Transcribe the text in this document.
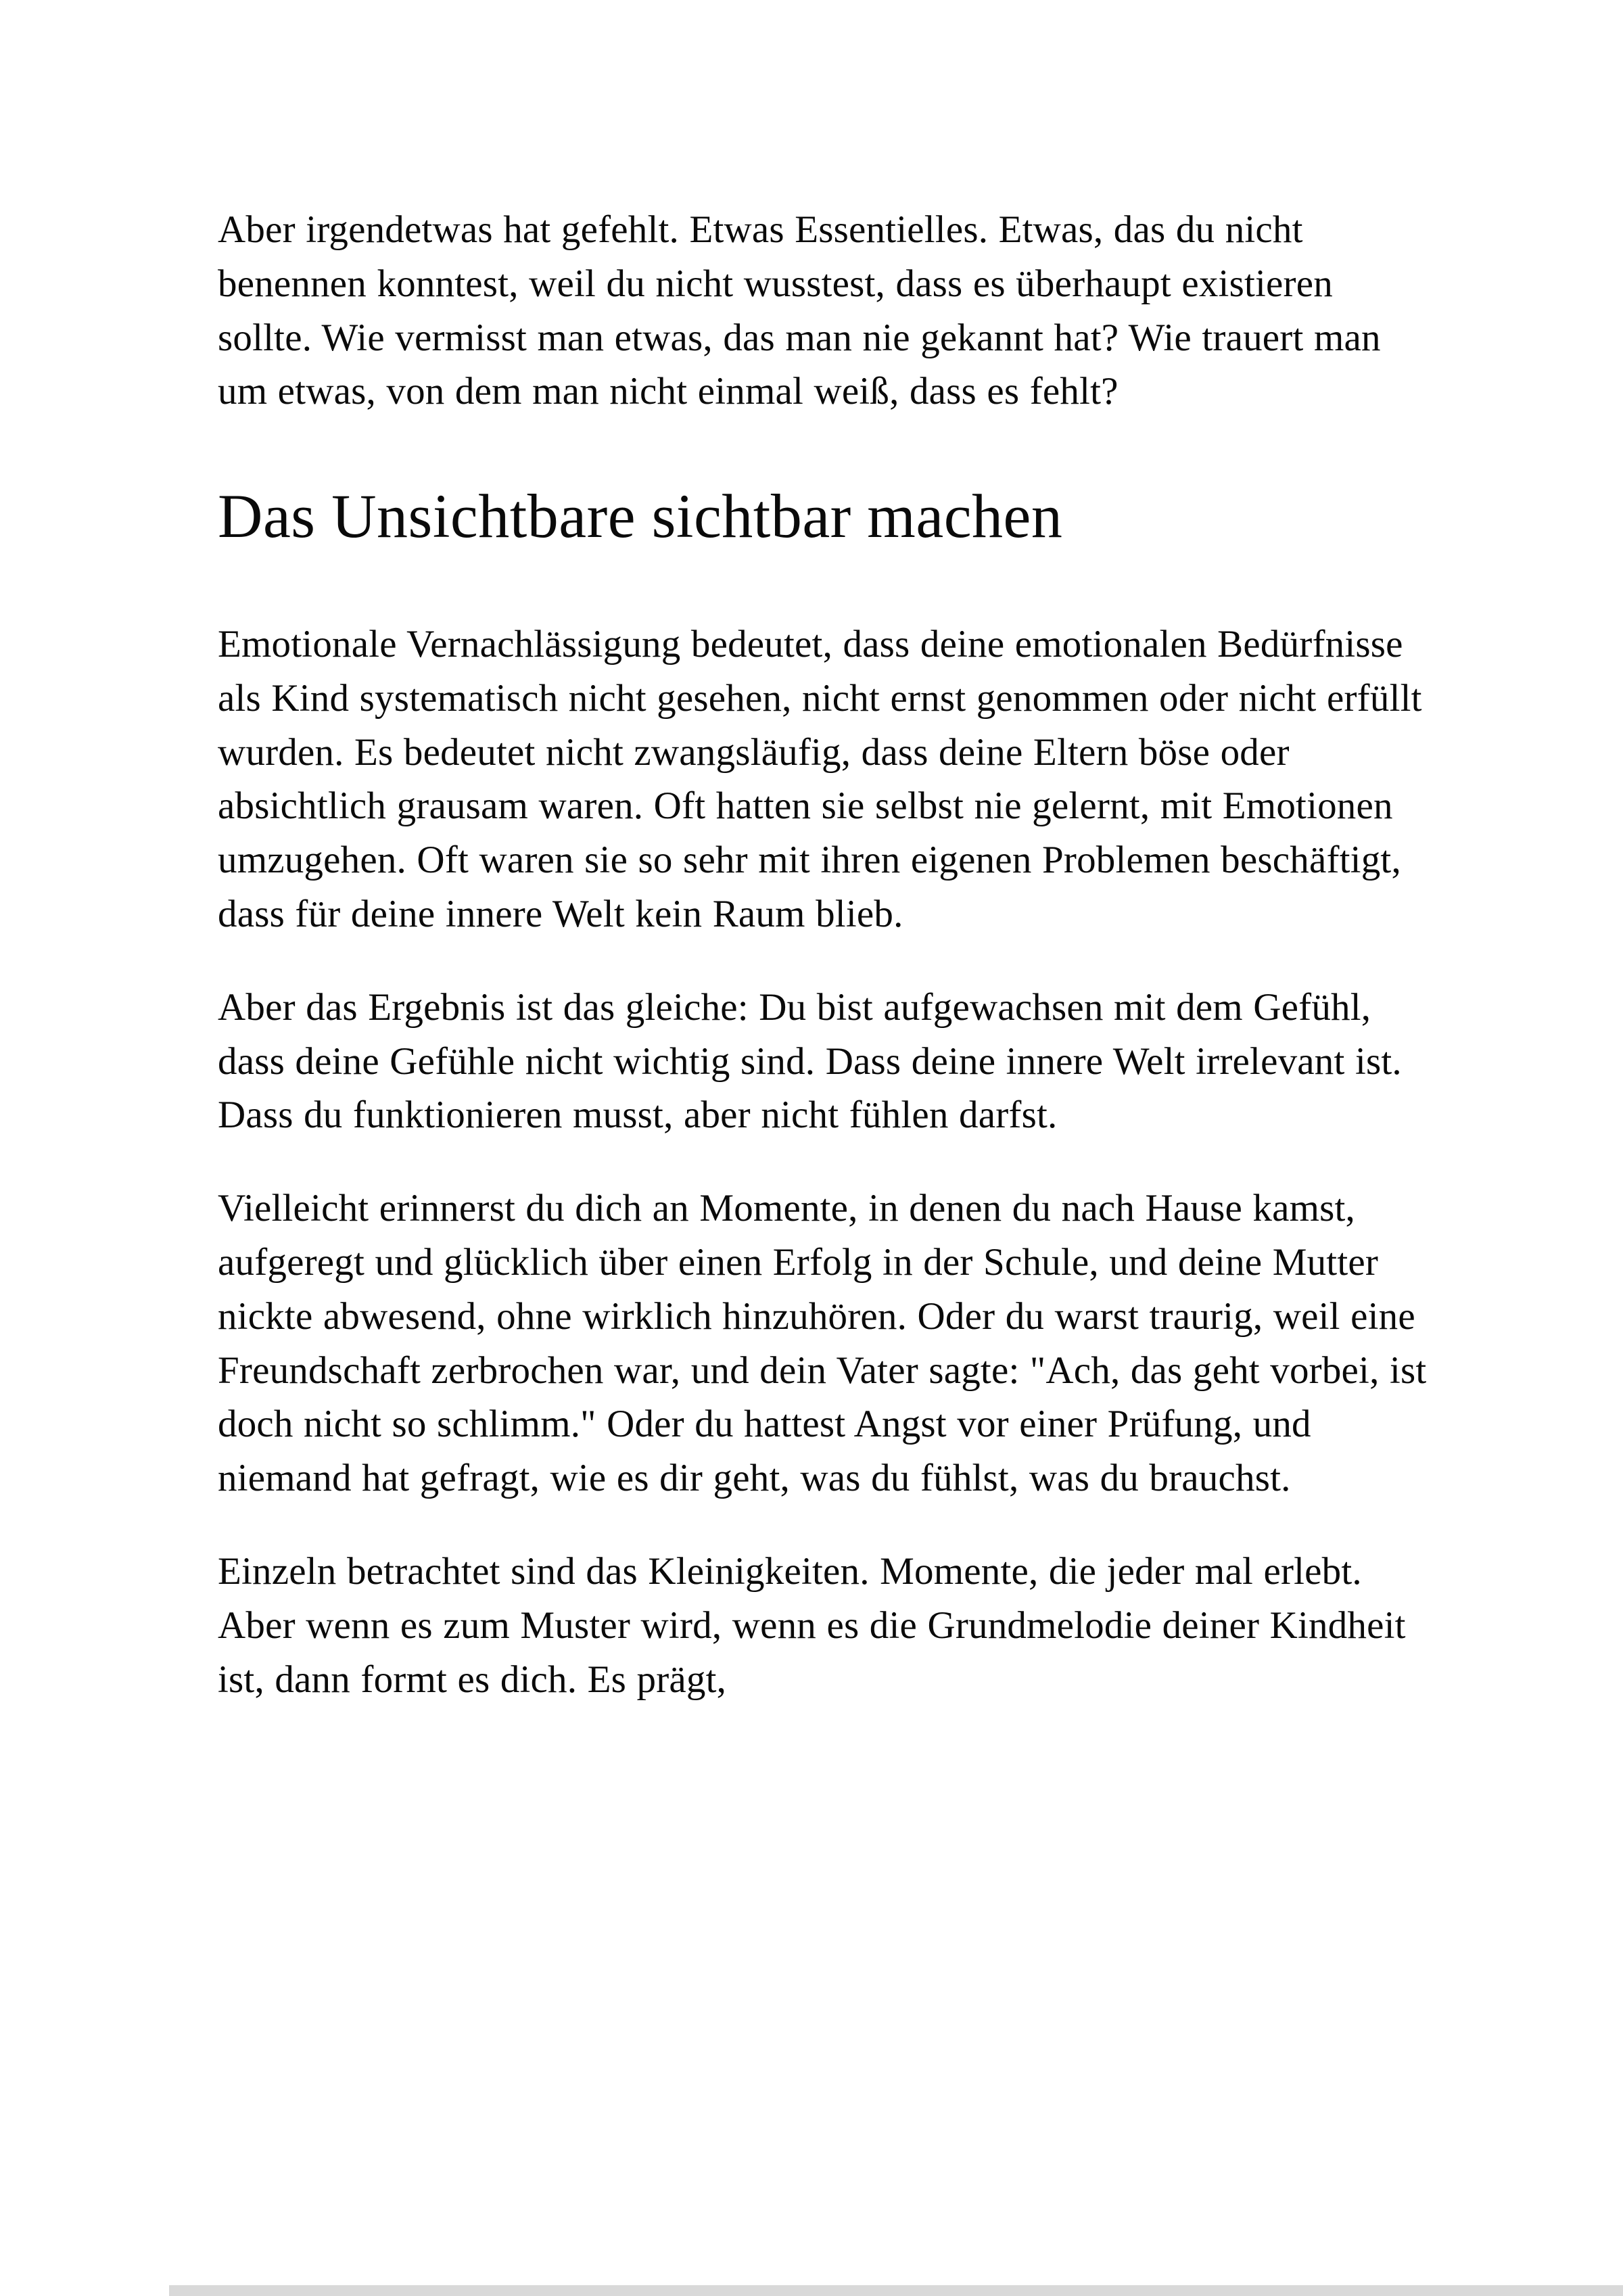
Aber irgendetwas hat gefehlt. Etwas Essentielles. Etwas, das du nicht benennen konntest, weil du nicht wusstest, dass es überhaupt existieren sollte. Wie vermisst man etwas, das man nie gekannt hat? Wie trauert man um etwas, von dem man nicht einmal weiß, dass es fehlt?

Das Unsichtbare sichtbar machen

Emotionale Vernachlässigung bedeutet, dass deine emotionalen Bedürfnisse als Kind systematisch nicht gesehen, nicht ernst genommen oder nicht erfüllt wurden. Es bedeutet nicht zwangsläufig, dass deine Eltern böse oder absichtlich grausam waren. Oft hatten sie selbst nie gelernt, mit Emotionen umzugehen. Oft waren sie so sehr mit ihren eigenen Problemen beschäftigt, dass für deine innere Welt kein Raum blieb.

Aber das Ergebnis ist das gleiche: Du bist aufgewachsen mit dem Gefühl, dass deine Gefühle nicht wichtig sind. Dass deine innere Welt irrelevant ist. Dass du funktionieren musst, aber nicht fühlen darfst.

Vielleicht erinnerst du dich an Momente, in denen du nach Hause kamst, aufgeregt und glücklich über einen Erfolg in der Schule, und deine Mutter nickte abwesend, ohne wirklich hinzuhören. Oder du warst traurig, weil eine Freundschaft zerbrochen war, und dein Vater sagte: "Ach, das geht vorbei, ist doch nicht so schlimm." Oder du hattest Angst vor einer Prüfung, und niemand hat gefragt, wie es dir geht, was du fühlst, was du brauchst.

Einzeln betrachtet sind das Kleinigkeiten. Momente, die jeder mal erlebt. Aber wenn es zum Muster wird, wenn es die Grundmelodie deiner Kindheit ist, dann formt es dich. Es prägt,
